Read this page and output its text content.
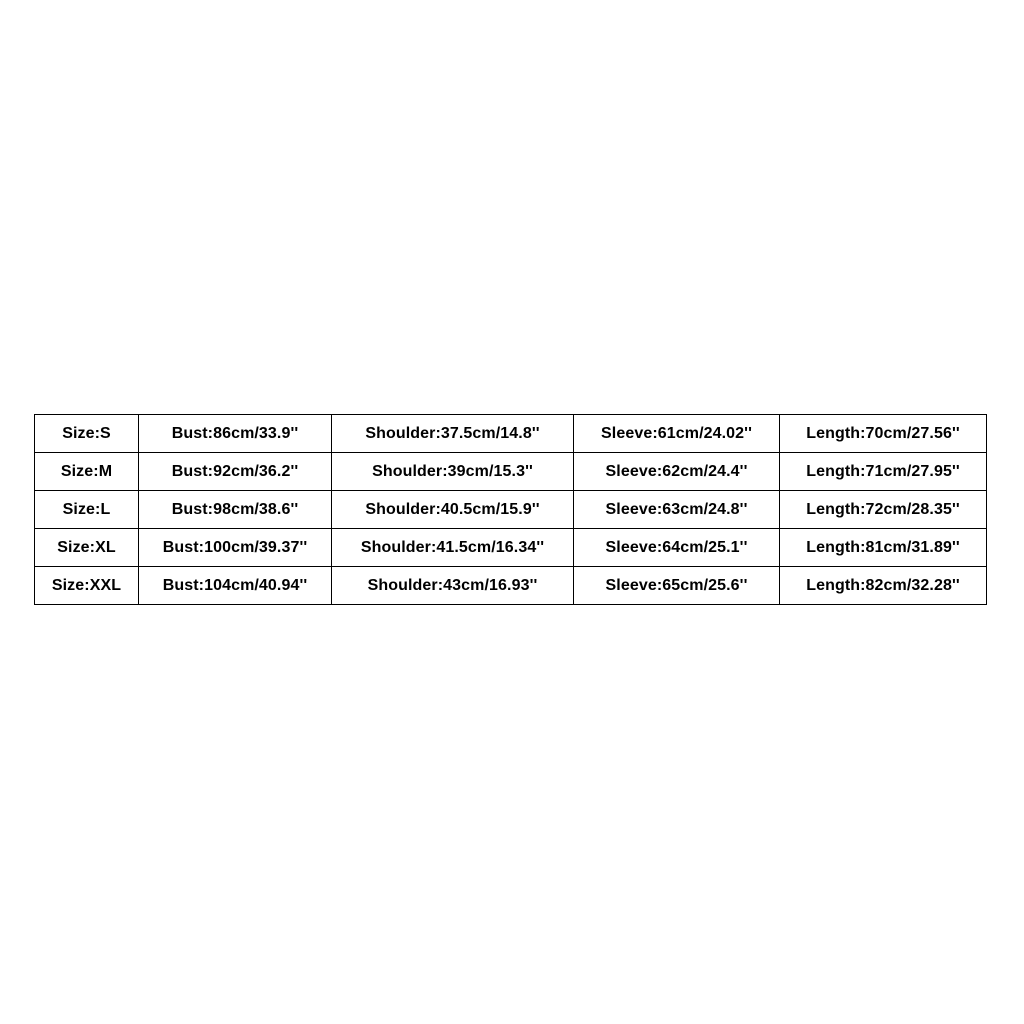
Size:S	Bust:86cm/33.9''	Shoulder:37.5cm/14.8''	Sleeve:61cm/24.02''	Length:70cm/27.56''
Size:M	Bust:92cm/36.2''	Shoulder:39cm/15.3''	Sleeve:62cm/24.4''	Length:71cm/27.95''
Size:L	Bust:98cm/38.6''	Shoulder:40.5cm/15.9''	Sleeve:63cm/24.8''	Length:72cm/28.35''
Size:XL	Bust:100cm/39.37''	Shoulder:41.5cm/16.34''	Sleeve:64cm/25.1''	Length:81cm/31.89''
Size:XXL	Bust:104cm/40.94''	Shoulder:43cm/16.93''	Sleeve:65cm/25.6''	Length:82cm/32.28''
